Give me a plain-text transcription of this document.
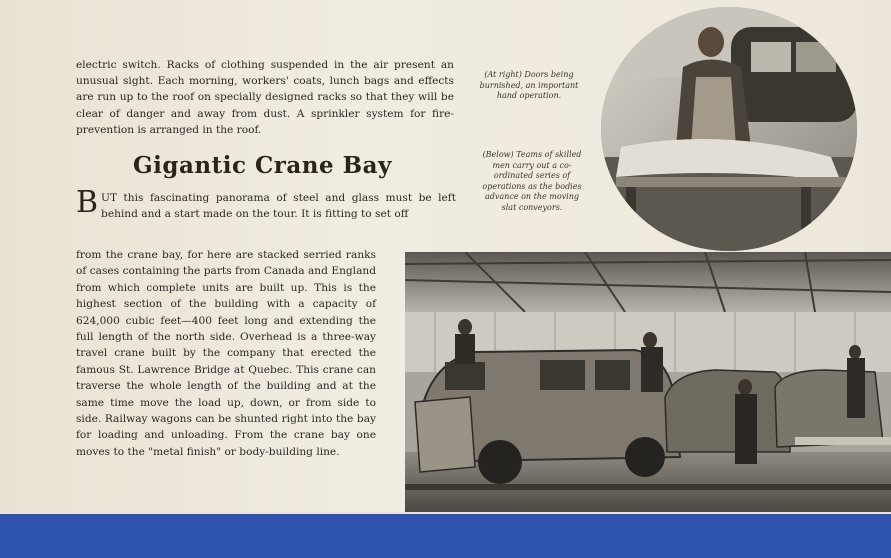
electric switch. Racks of clothing suspended in the air present an unusual sight. Each morning, workers' coats, lunch bags and effects are run up to the roof on specially designed racks so that they will be clear of danger and away from dust. A sprinkler system for fire-prevention is arranged in the roof.
Gigantic Crane Bay
BUT this fascinating panorama of steel and glass must be left behind and a start made on the tour. It is fitting to set off
from the crane bay, for here are stacked serried ranks of cases containing the parts from Canada and England from which complete units are built up. This is the highest section of the building with a capacity of 624,000 cubic feet—400 feet long and extending the full length of the north side. Overhead is a three-way travel crane built by the company that erected the famous St. Lawrence Bridge at Quebec. This crane can traverse the whole length of the building and at the same time move the load up, down, or from side to side. Railway wagons can be shunted right into the bay for loading and unloading. From the crane bay one moves to the "metal finish" or body-building line.
(At right) Doors being burnished, an important hand operation.
(Below) Teams of skilled men carry out a co-ordinated series of operations as the bodies advance on the moving slat conveyors.
